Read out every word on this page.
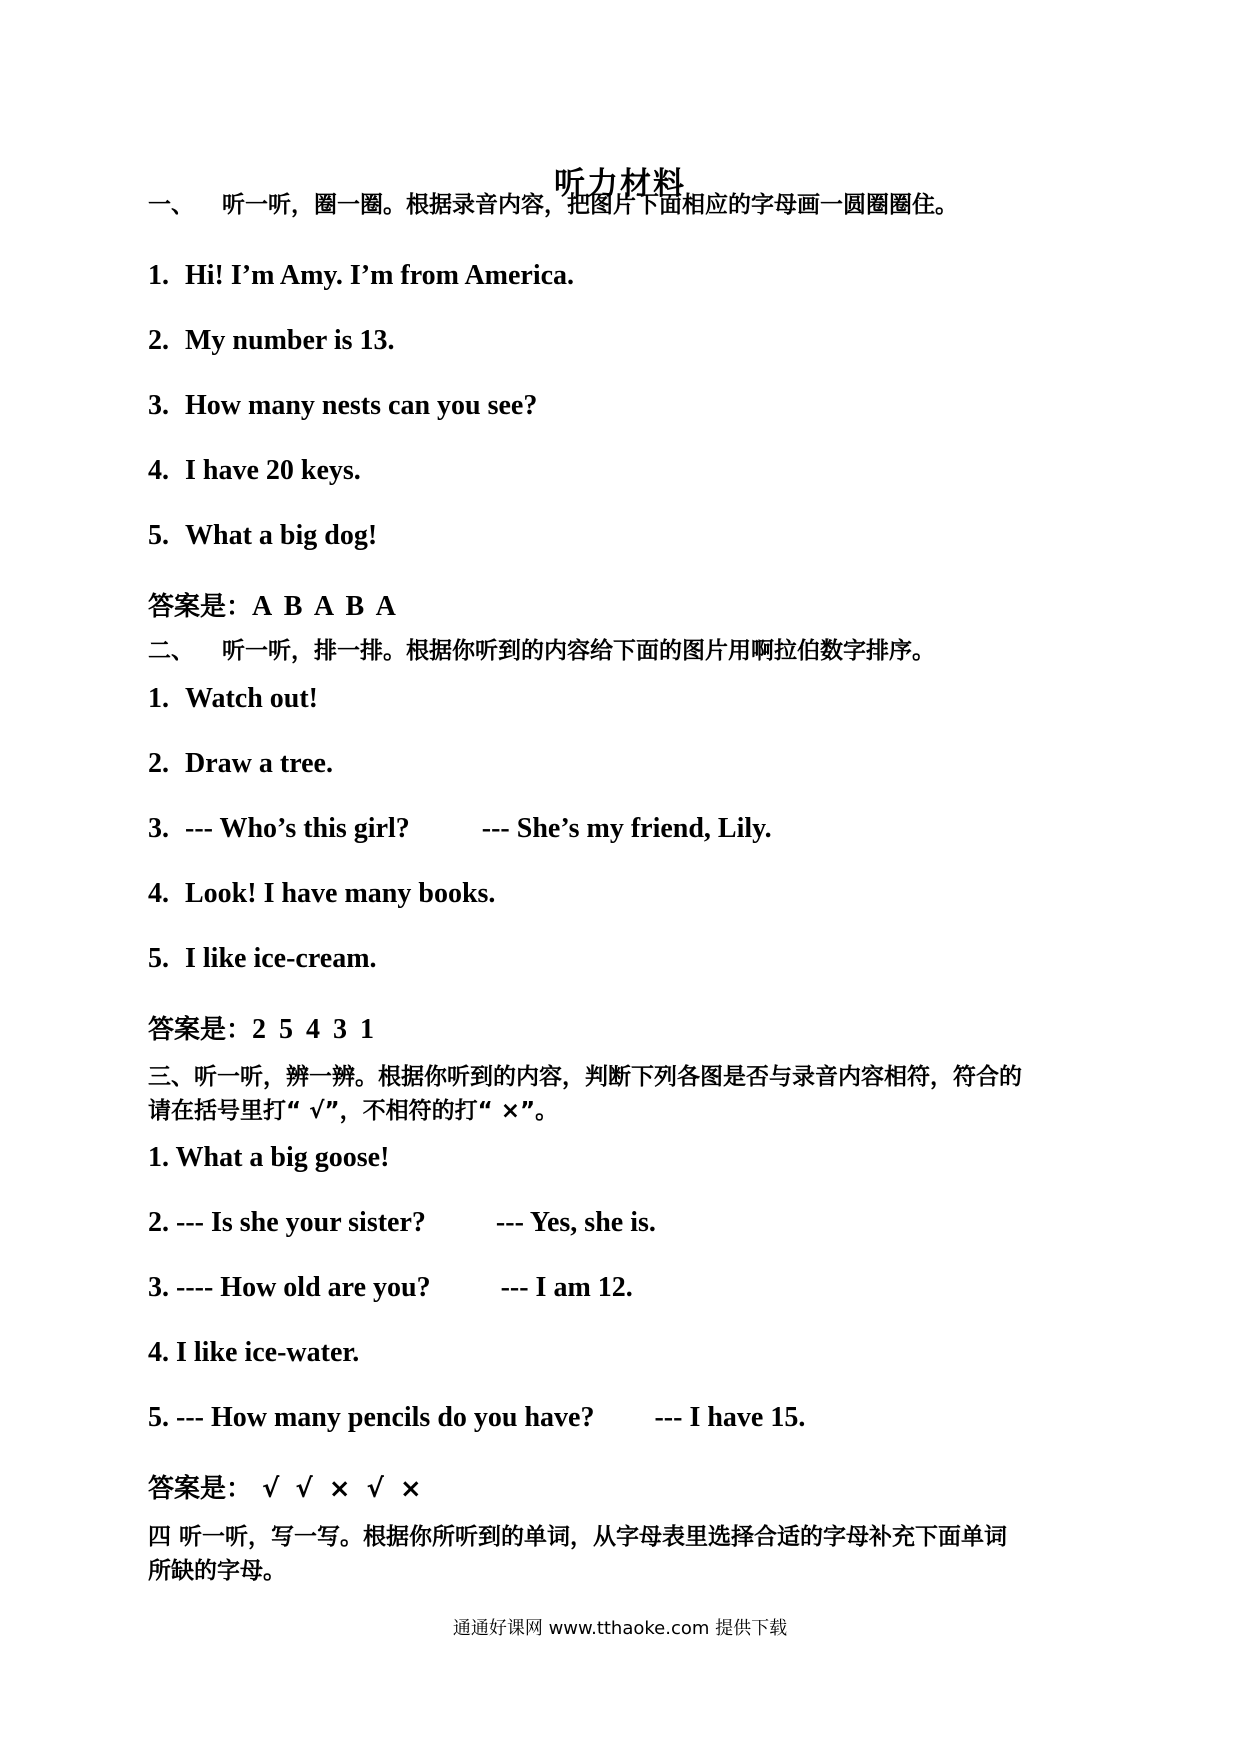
听力材料
一、 听一听，圈一圈。根据录音内容，把图片下面相应的字母画一圆圈圈住。
1. Hi! I’m Amy. I’m from America.
2. My number is 13.
3. How many nests can you see?
4. I have 20 keys.
5. What a big dog!
答案是：A B A B A
二、 听一听，排一排。根据你听到的内容给下面的图片用啊拉伯数字排序。
1. Watch out!
2. Draw a tree.
3. --- Who’s this girl?	--- She’s my friend, Lily.
4. Look! I have many books.
5. I like ice-cream.
答案是：2 5 4 3 1
三、听一听，辨一辨。根据你听到的内容，判断下列各图是否与录音内容相符，符合的
请在括号里打“ √”，不相符的打“ ×”。
1. What a big goose!
2. --- Is she your sister?	--- Yes, she is.
3. ---- How old are you?	--- I am 12.
4. I like ice-water.
5. --- How many pencils do you have? --- I have 15.
答案是： √ √ × √ ×
四 听一听，写一写。根据你所听到的单词，从字母表里选择合适的字母补充下面单词
所缺的字母。
通通好课网 www.tthaoke.com 提供下载
